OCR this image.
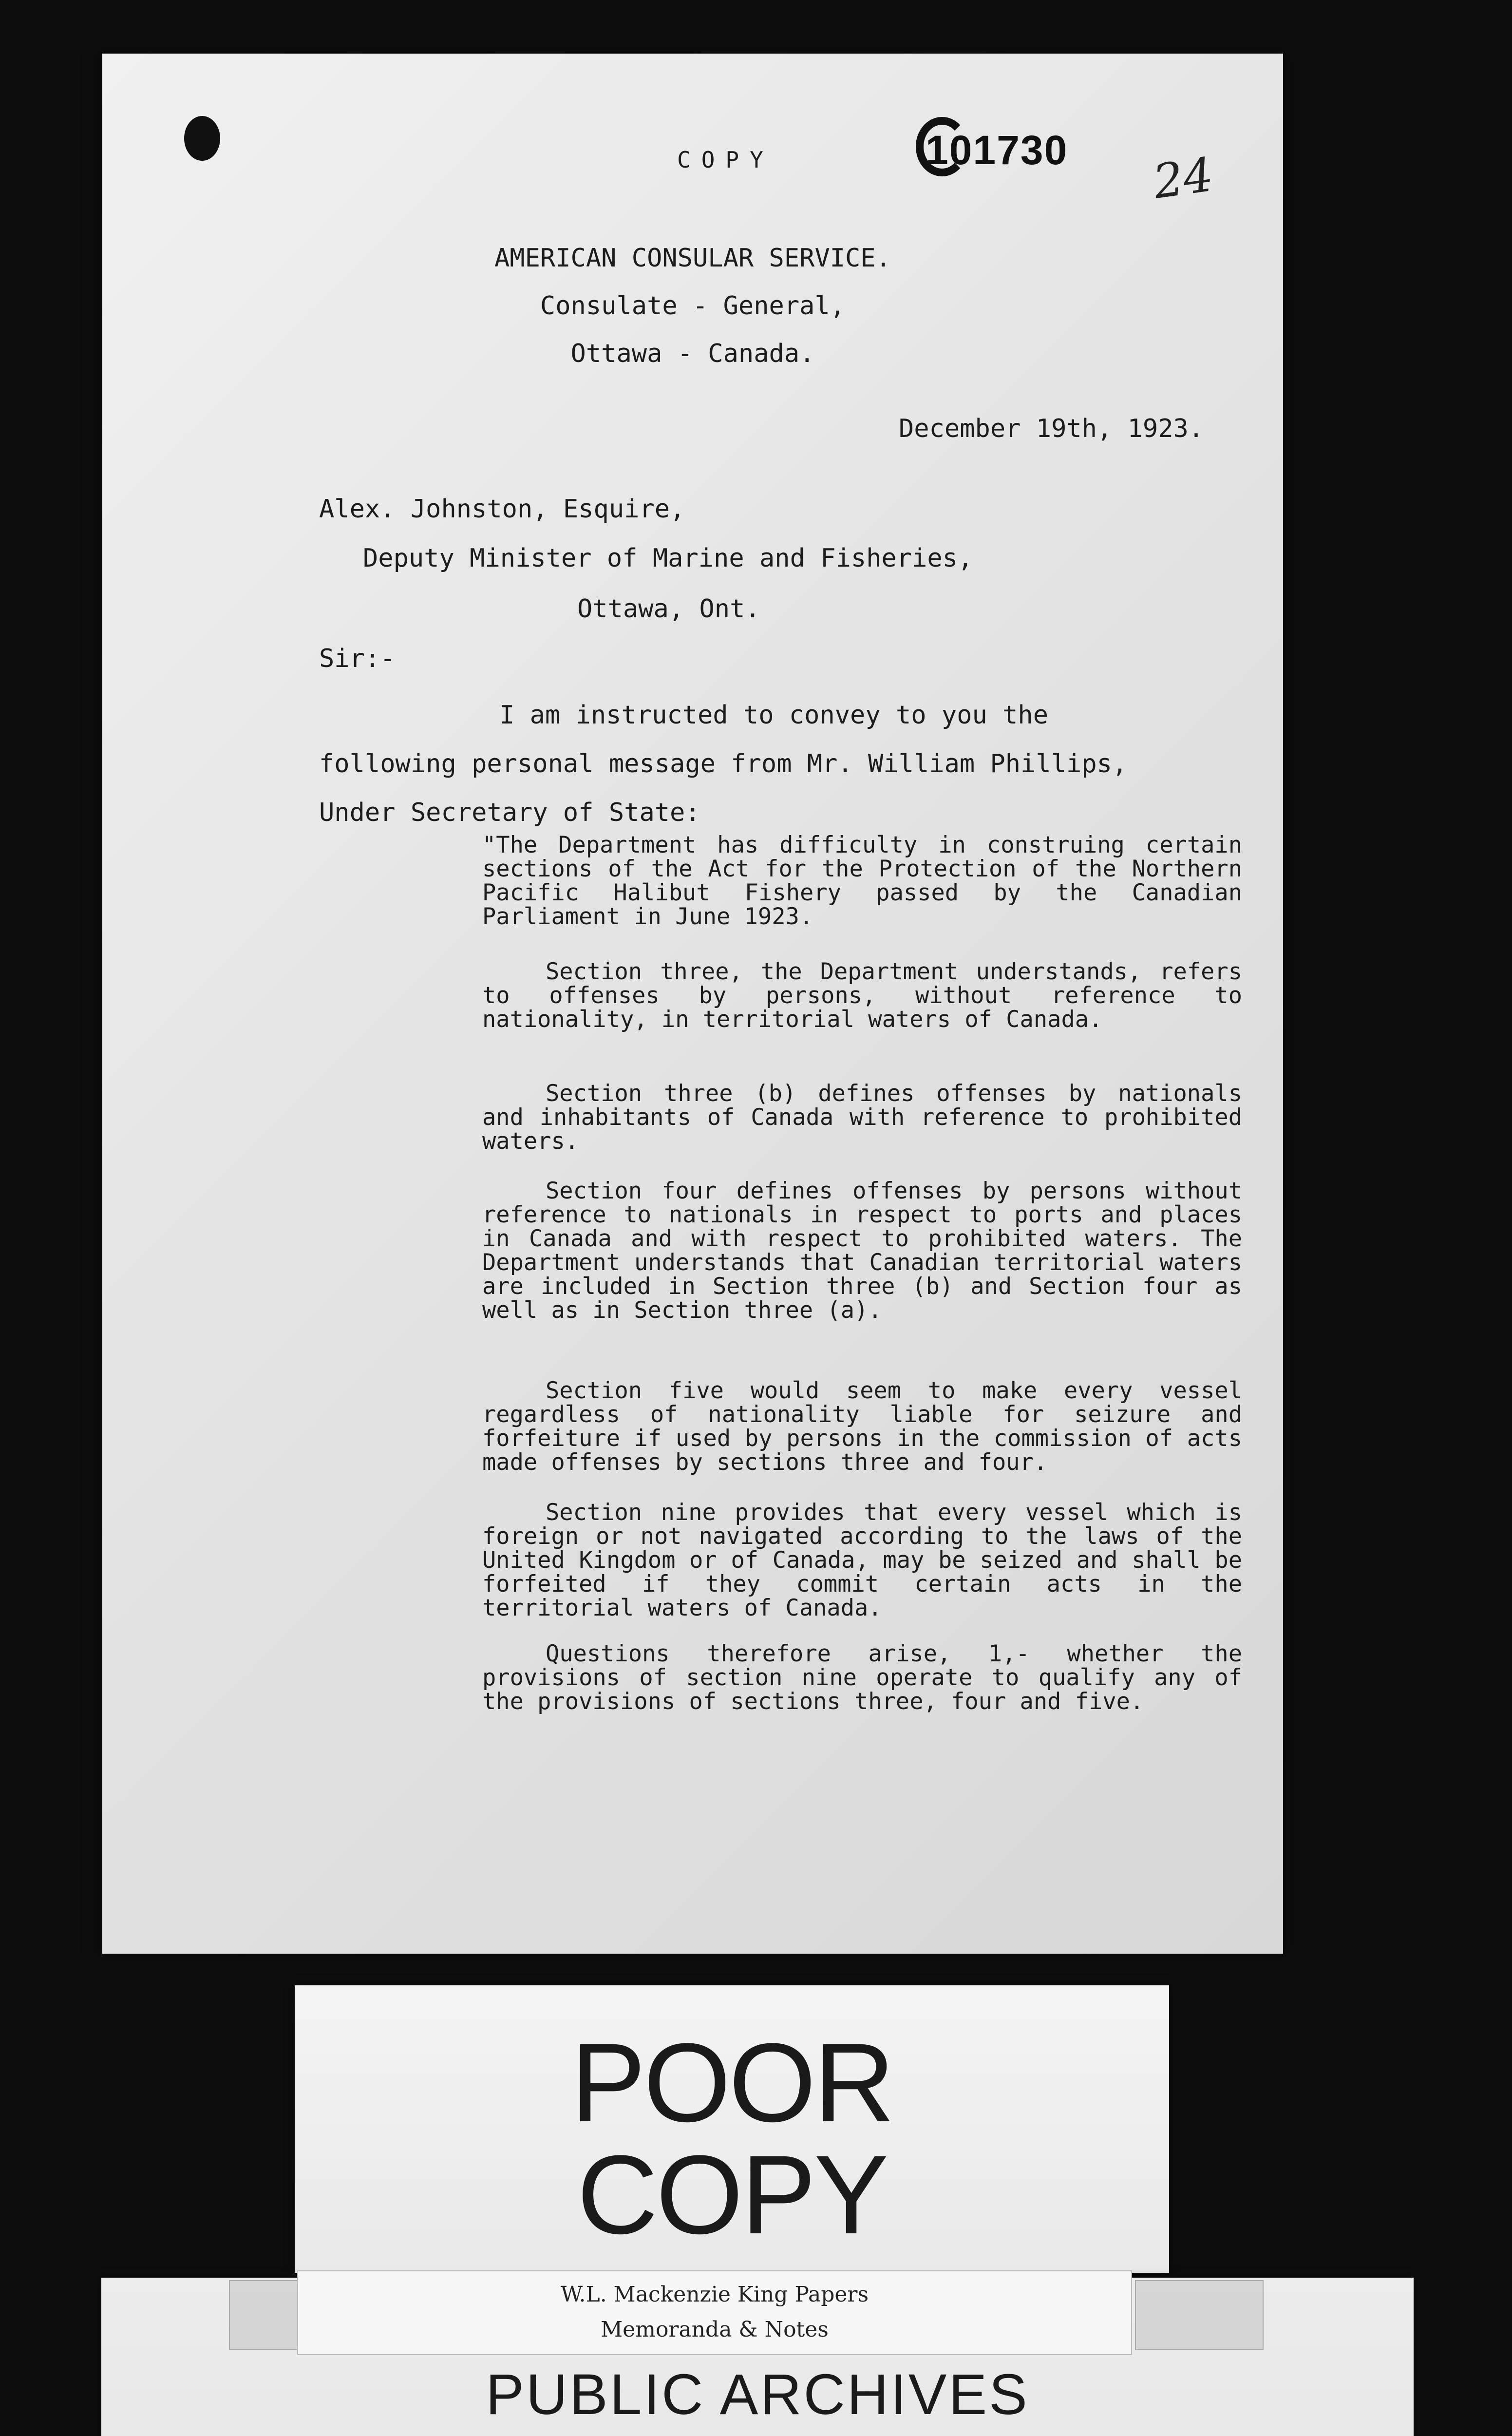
COPY	101730 24
AMERICAN CONSULAR SERVICE.
Consulate - General,
Ottawa - Canada.
December 19th, 1923.
Alex. Johnston, Esquire,
Deputy Minister of Marine and Fisheries,
Ottawa, Ont.
Sir:-
I am instructed to convey to you the following personal message from Mr. William Phillips, Under Secretary of State:
"The Department has difficulty in construing certain sections of the Act for the Protection of the Northern Pacific Halibut Fishery passed by the Canadian Parliament in June 1923.
Section three, the Department understands, refers to offenses by persons, without reference to nationality, in territorial waters of Canada.
Section three (b) defines offenses by nationals and inhabitants of Canada with reference to prohibited waters.
Section four defines offenses by persons without reference to nationals in respect to ports and places in Canada and with respect to prohibited waters. The Department understands that Canadian territorial waters are included in Section three (b) and Section four as well as in Section three (a).
Section five would seem to make every vessel regardless of nationality liable for seizure and forfeiture if used by persons in the commission of acts made offenses by sections three and four.
Section nine provides that every vessel which is foreign or not navigated according to the laws of the United Kingdom or of Canada, may be seized and shall be forfeited if they commit certain acts in the territorial waters of Canada.
Questions therefore arise, 1,- whether the provisions of section nine operate to qualify any of the provisions of sections three, four and five.
POOR
COPY
PUBLIC ARCHIVES
W.L. Mackenzie King Papers
Memoranda & Notes
